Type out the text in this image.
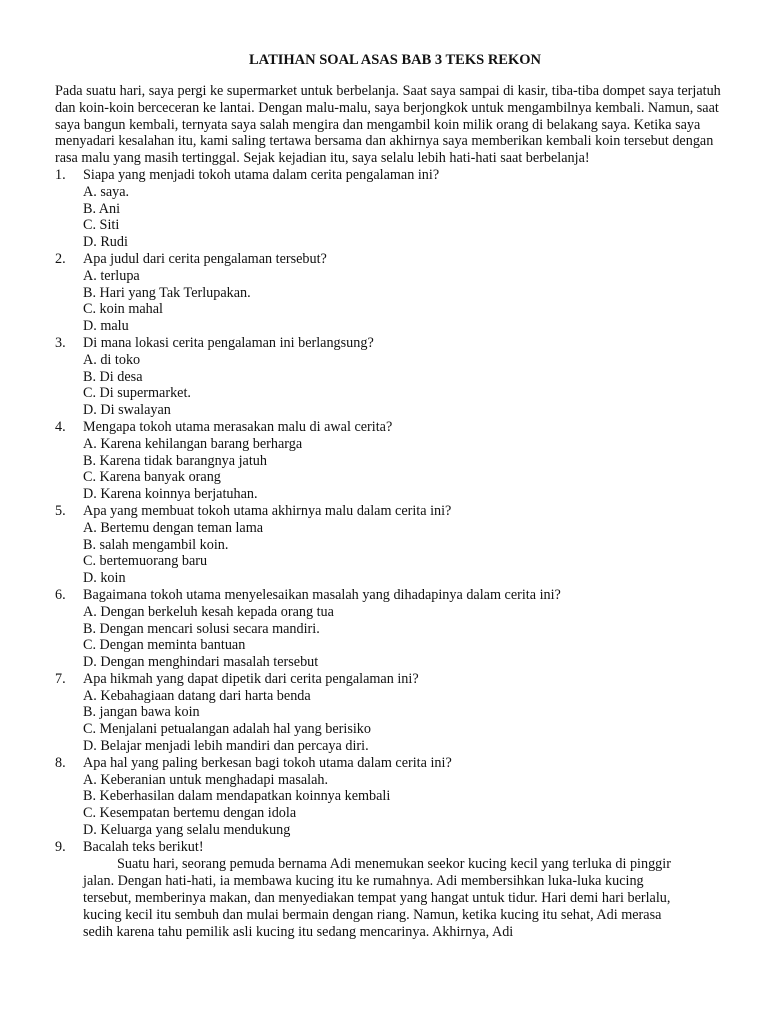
LATIHAN SOAL ASAS BAB 3 TEKS REKON

Pada suatu hari, saya pergi ke supermarket untuk berbelanja. Saat saya sampai di kasir, tiba-tiba dompet saya terjatuh dan koin-koin berceceran ke lantai. Dengan malu-malu, saya berjongkok untuk mengambilnya kembali. Namun, saat saya bangun kembali, ternyata saya salah mengira dan mengambil koin milik orang di belakang saya. Ketika saya menyadari kesalahan itu, kami saling tertawa bersama dan akhirnya saya memberikan kembali koin tersebut dengan rasa malu yang masih tertinggal. Sejak kejadian itu, saya selalu lebih hati-hati saat berbelanja!

1. Siapa yang menjadi tokoh utama dalam cerita pengalaman ini?
A. saya.
B. Ani
C. Siti
D. Rudi
2. Apa judul dari cerita pengalaman tersebut?
A. terlupa
B. Hari yang Tak Terlupakan.
C. koin mahal
D. malu
3. Di mana lokasi cerita pengalaman ini berlangsung?
A. di toko
B. Di desa
C. Di supermarket.
D. Di swalayan
4. Mengapa tokoh utama merasakan malu di awal cerita?
A. Karena kehilangan barang berharga
B. Karena tidak barangnya jatuh
C. Karena banyak orang
D. Karena koinnya berjatuhan.
5. Apa yang membuat tokoh utama akhirnya malu dalam cerita ini?
A. Bertemu dengan teman lama
B. salah mengambil koin.
C. bertemuorang baru
D. koin
6. Bagaimana tokoh utama menyelesaikan masalah yang dihadapinya dalam cerita ini?
A. Dengan berkeluh kesah kepada orang tua
B. Dengan mencari solusi secara mandiri.
C. Dengan meminta bantuan
D. Dengan menghindari masalah tersebut
7. Apa hikmah yang dapat dipetik dari cerita pengalaman ini?
A. Kebahagiaan datang dari harta benda
B. jangan bawa koin
C. Menjalani petualangan adalah hal yang berisiko
D. Belajar menjadi lebih mandiri dan percaya diri.
8. Apa hal yang paling berkesan bagi tokoh utama dalam cerita ini?
A. Keberanian untuk menghadapi masalah.
B. Keberhasilan dalam mendapatkan koinnya kembali
C. Kesempatan bertemu dengan idola
D. Keluarga yang selalu mendukung
9. Bacalah teks berikut!

Suatu hari, seorang pemuda bernama Adi menemukan seekor kucing kecil yang terluka di pinggir jalan. Dengan hati-hati, ia membawa kucing itu ke rumahnya. Adi membersihkan luka-luka kucing tersebut, memberinya makan, dan menyediakan tempat yang hangat untuk tidur. Hari demi hari berlalu, kucing kecil itu sembuh dan mulai bermain dengan riang. Namun, ketika kucing itu sehat, Adi merasa sedih karena tahu pemilik asli kucing itu sedang mencarinya. Akhirnya, Adi
